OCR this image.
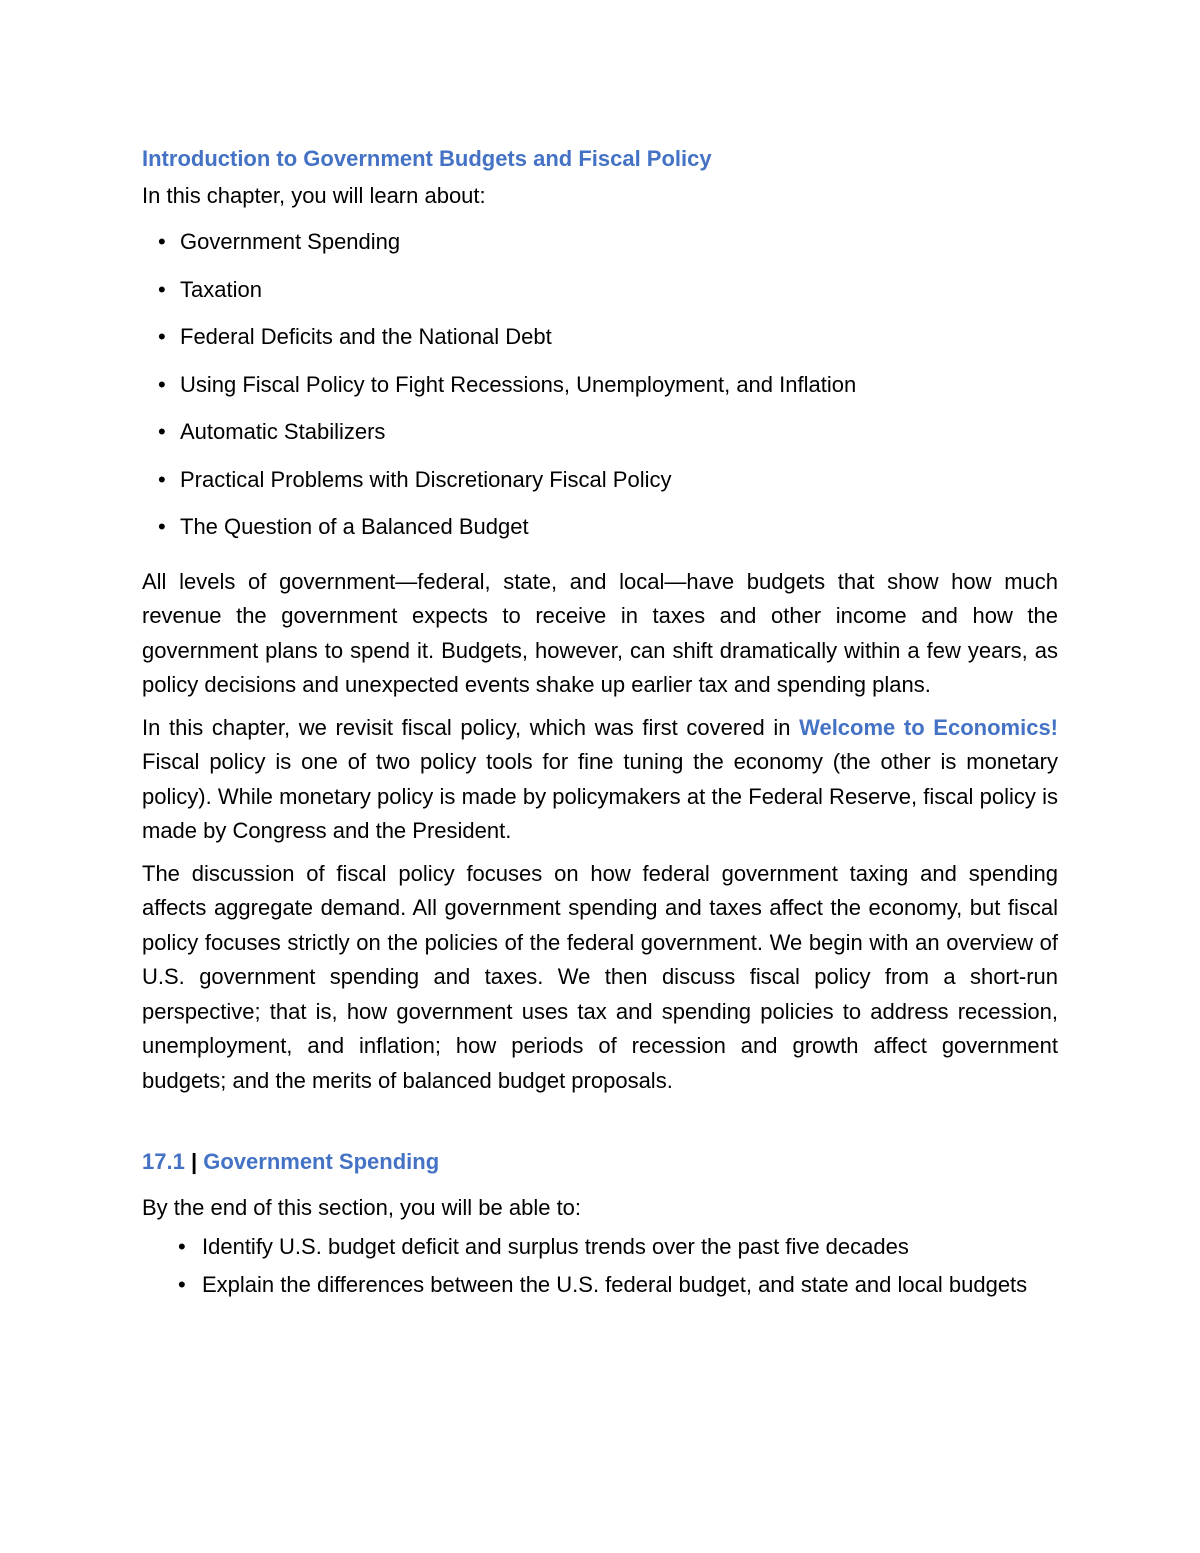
Introduction to Government Budgets and Fiscal Policy

In this chapter, you will learn about:

• Government Spending
• Taxation
• Federal Deficits and the National Debt
• Using Fiscal Policy to Fight Recessions, Unemployment, and Inflation
• Automatic Stabilizers
• Practical Problems with Discretionary Fiscal Policy
• The Question of a Balanced Budget

All levels of government—federal, state, and local—have budgets that show how much revenue the government expects to receive in taxes and other income and how the government plans to spend it. Budgets, however, can shift dramatically within a few years, as policy decisions and unexpected events shake up earlier tax and spending plans.

In this chapter, we revisit fiscal policy, which was first covered in Welcome to Economics! Fiscal policy is one of two policy tools for fine tuning the economy (the other is monetary policy). While monetary policy is made by policymakers at the Federal Reserve, fiscal policy is made by Congress and the President.

The discussion of fiscal policy focuses on how federal government taxing and spending affects aggregate demand. All government spending and taxes affect the economy, but fiscal policy focuses strictly on the policies of the federal government. We begin with an overview of U.S. government spending and taxes. We then discuss fiscal policy from a short-run perspective; that is, how government uses tax and spending policies to address recession, unemployment, and inflation; how periods of recession and growth affect government budgets; and the merits of balanced budget proposals.

17.1 | Government Spending

By the end of this section, you will be able to:

• Identify U.S. budget deficit and surplus trends over the past five decades
• Explain the differences between the U.S. federal budget, and state and local budgets
